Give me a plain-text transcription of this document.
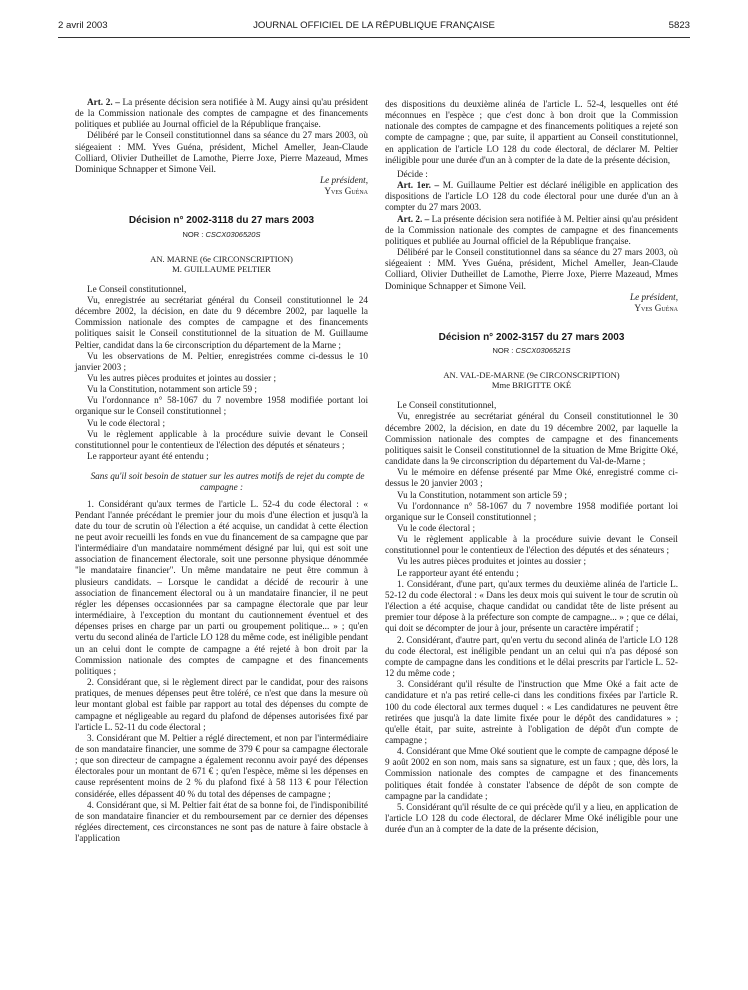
2 avril 2003	JOURNAL OFFICIEL DE LA RÉPUBLIQUE FRANÇAISE	5823

Art. 2. – La présente décision sera notifiée à M. Augy ainsi qu'au président de la Commission nationale des comptes de campagne et des financements politiques et publiée au Journal officiel de la République française.

Délibéré par le Conseil constitutionnel dans sa séance du 27 mars 2003, où siégeaient : MM. Yves Guéna, président, Michel Ameller, Jean-Claude Colliard, Olivier Dutheillet de Lamothe, Pierre Joxe, Pierre Mazeaud, Mmes Dominique Schnapper et Simone Veil.

Le président,
Yves Guéna

Décision n° 2002-3118 du 27 mars 2003
NOR : CSCX0306520S
AN. MARNE (6e CIRCONSCRIPTION)
M. GUILLAUME PELTIER

Le Conseil constitutionnel,

Vu, enregistrée au secrétariat général du Conseil constitutionnel le 24 décembre 2002, la décision, en date du 9 décembre 2002, par laquelle la Commission nationale des comptes de campagne et des financements politiques saisit le Conseil constitutionnel de la situation de M. Guillaume Peltier, candidat dans la 6e circonscription du département de la Marne ;

Vu les observations de M. Peltier, enregistrées comme ci-dessus le 10 janvier 2003 ;

Vu les autres pièces produites et jointes au dossier ;

Vu la Constitution, notamment son article 59 ;

Vu l'ordonnance n° 58-1067 du 7 novembre 1958 modifiée portant loi organique sur le Conseil constitutionnel ;

Vu le code électoral ;

Vu le règlement applicable à la procédure suivie devant le Conseil constitutionnel pour le contentieux de l'élection des députés et sénateurs ;

Le rapporteur ayant été entendu ;

Sans qu'il soit besoin de statuer sur les autres motifs de rejet du compte de campagne :

1. Considérant qu'aux termes de l'article L. 52-4 du code électoral : « Pendant l'année précédant le premier jour du mois d'une élection et jusqu'à la date du tour de scrutin où l'élection a été acquise, un candidat à cette élection ne peut avoir recueilli les fonds en vue du financement de sa campagne que par l'intermédiaire d'un mandataire nommément désigné par lui, qui est soit une association de financement électorale, soit une personne physique dénommée "le mandataire financier". Un même mandataire ne peut être commun à plusieurs candidats. – Lorsque le candidat a décidé de recourir à une association de financement électoral ou à un mandataire financier, il ne peut régler les dépenses occasionnées par sa campagne électorale que par leur intermédiaire, à l'exception du montant du cautionnement éventuel et des dépenses prises en charge par un parti ou groupement politique... » ; qu'en vertu du second alinéa de l'article LO 128 du même code, est inéligible pendant un an celui dont le compte de campagne a été rejeté à bon droit par la Commission nationale des comptes de campagne et des financements politiques ;

2. Considérant que, si le règlement direct par le candidat, pour des raisons pratiques, de menues dépenses peut être toléré, ce n'est que dans la mesure où leur montant global est faible par rapport au total des dépenses du compte de campagne et négligeable au regard du plafond de dépenses autorisées fixé par l'article L. 52-11 du code électoral ;

3. Considérant que M. Peltier a réglé directement, et non par l'intermédiaire de son mandataire financier, une somme de 379 € pour sa campagne électorale ; que son directeur de campagne a également reconnu avoir payé des dépenses électorales pour un montant de 671 € ; qu'en l'espèce, même si les dépenses en cause représentent moins de 2 % du plafond fixé à 58 113 € pour l'élection considérée, elles dépassent 40 % du total des dépenses de campagne ;

4. Considérant que, si M. Peltier fait état de sa bonne foi, de l'indisponibilité de son mandataire financier et du remboursement par ce dernier des dépenses réglées directement, ces circonstances ne sont pas de nature à faire obstacle à l'application

des dispositions du deuxième alinéa de l'article L. 52-4, lesquelles ont été méconnues en l'espèce ; que c'est donc à bon droit que la Commission nationale des comptes de campagne et des financements politiques a rejeté son compte de campagne ; que, par suite, il appartient au Conseil constitutionnel, en application de l'article LO 128 du code électoral, de déclarer M. Peltier inéligible pour une durée d'un an à compter de la date de la présente décision,

Décide :

Art. 1er. – M. Guillaume Peltier est déclaré inéligible en application des dispositions de l'article LO 128 du code électoral pour une durée d'un an à compter du 27 mars 2003.

Art. 2. – La présente décision sera notifiée à M. Peltier ainsi qu'au président de la Commission nationale des comptes de campagne et des financements politiques et publiée au Journal officiel de la République française.

Délibéré par le Conseil constitutionnel dans sa séance du 27 mars 2003, où siégeaient : MM. Yves Guéna, président, Michel Ameller, Jean-Claude Colliard, Olivier Dutheillet de Lamothe, Pierre Joxe, Pierre Mazeaud, Mmes Dominique Schnapper et Simone Veil.

Le président,
Yves Guéna

Décision n° 2002-3157 du 27 mars 2003
NOR : CSCX0306521S
AN. VAL-DE-MARNE (9e CIRCONSCRIPTION)
Mme BRIGITTE OKÉ

Le Conseil constitutionnel,

Vu, enregistrée au secrétariat général du Conseil constitutionnel le 30 décembre 2002, la décision, en date du 19 décembre 2002, par laquelle la Commission nationale des comptes de campagne et des financements politiques saisit le Conseil constitutionnel de la situation de Mme Brigitte Oké, candidate dans la 9e circonscription du département du Val-de-Marne ;

Vu le mémoire en défense présenté par Mme Oké, enregistré comme ci-dessus le 20 janvier 2003 ;

Vu la Constitution, notamment son article 59 ;

Vu l'ordonnance n° 58-1067 du 7 novembre 1958 modifiée portant loi organique sur le Conseil constitutionnel ;

Vu le code électoral ;

Vu le règlement applicable à la procédure suivie devant le Conseil constitutionnel pour le contentieux de l'élection des députés et des sénateurs ;

Vu les autres pièces produites et jointes au dossier ;

Le rapporteur ayant été entendu ;

1. Considérant, d'une part, qu'aux termes du deuxième alinéa de l'article L. 52-12 du code électoral : « Dans les deux mois qui suivent le tour de scrutin où l'élection a été acquise, chaque candidat ou candidat tête de liste présent au premier tour dépose à la préfecture son compte de campagne... » ; que ce délai, qui doit se décompter de jour à jour, présente un caractère impératif ;

2. Considérant, d'autre part, qu'en vertu du second alinéa de l'article LO 128 du code électoral, est inéligible pendant un an celui qui n'a pas déposé son compte de campagne dans les conditions et le délai prescrits par l'article L. 52-12 du même code ;

3. Considérant qu'il résulte de l'instruction que Mme Oké a fait acte de candidature et n'a pas retiré celle-ci dans les conditions fixées par l'article R. 100 du code électoral aux termes duquel : « Les candidatures ne peuvent être retirées que jusqu'à la date limite fixée pour le dépôt des candidatures » ; qu'elle était, par suite, astreinte à l'obligation de dépôt d'un compte de campagne ;

4. Considérant que Mme Oké soutient que le compte de campagne déposé le 9 août 2002 en son nom, mais sans sa signature, est un faux ; que, dès lors, la Commission nationale des comptes de campagne et des financements politiques était fondée à constater l'absence de dépôt de son compte de campagne par la candidate ;

5. Considérant qu'il résulte de ce qui précède qu'il y a lieu, en application de l'article LO 128 du code électoral, de déclarer Mme Oké inéligible pour une durée d'un an à compter de la date de la présente décision,
